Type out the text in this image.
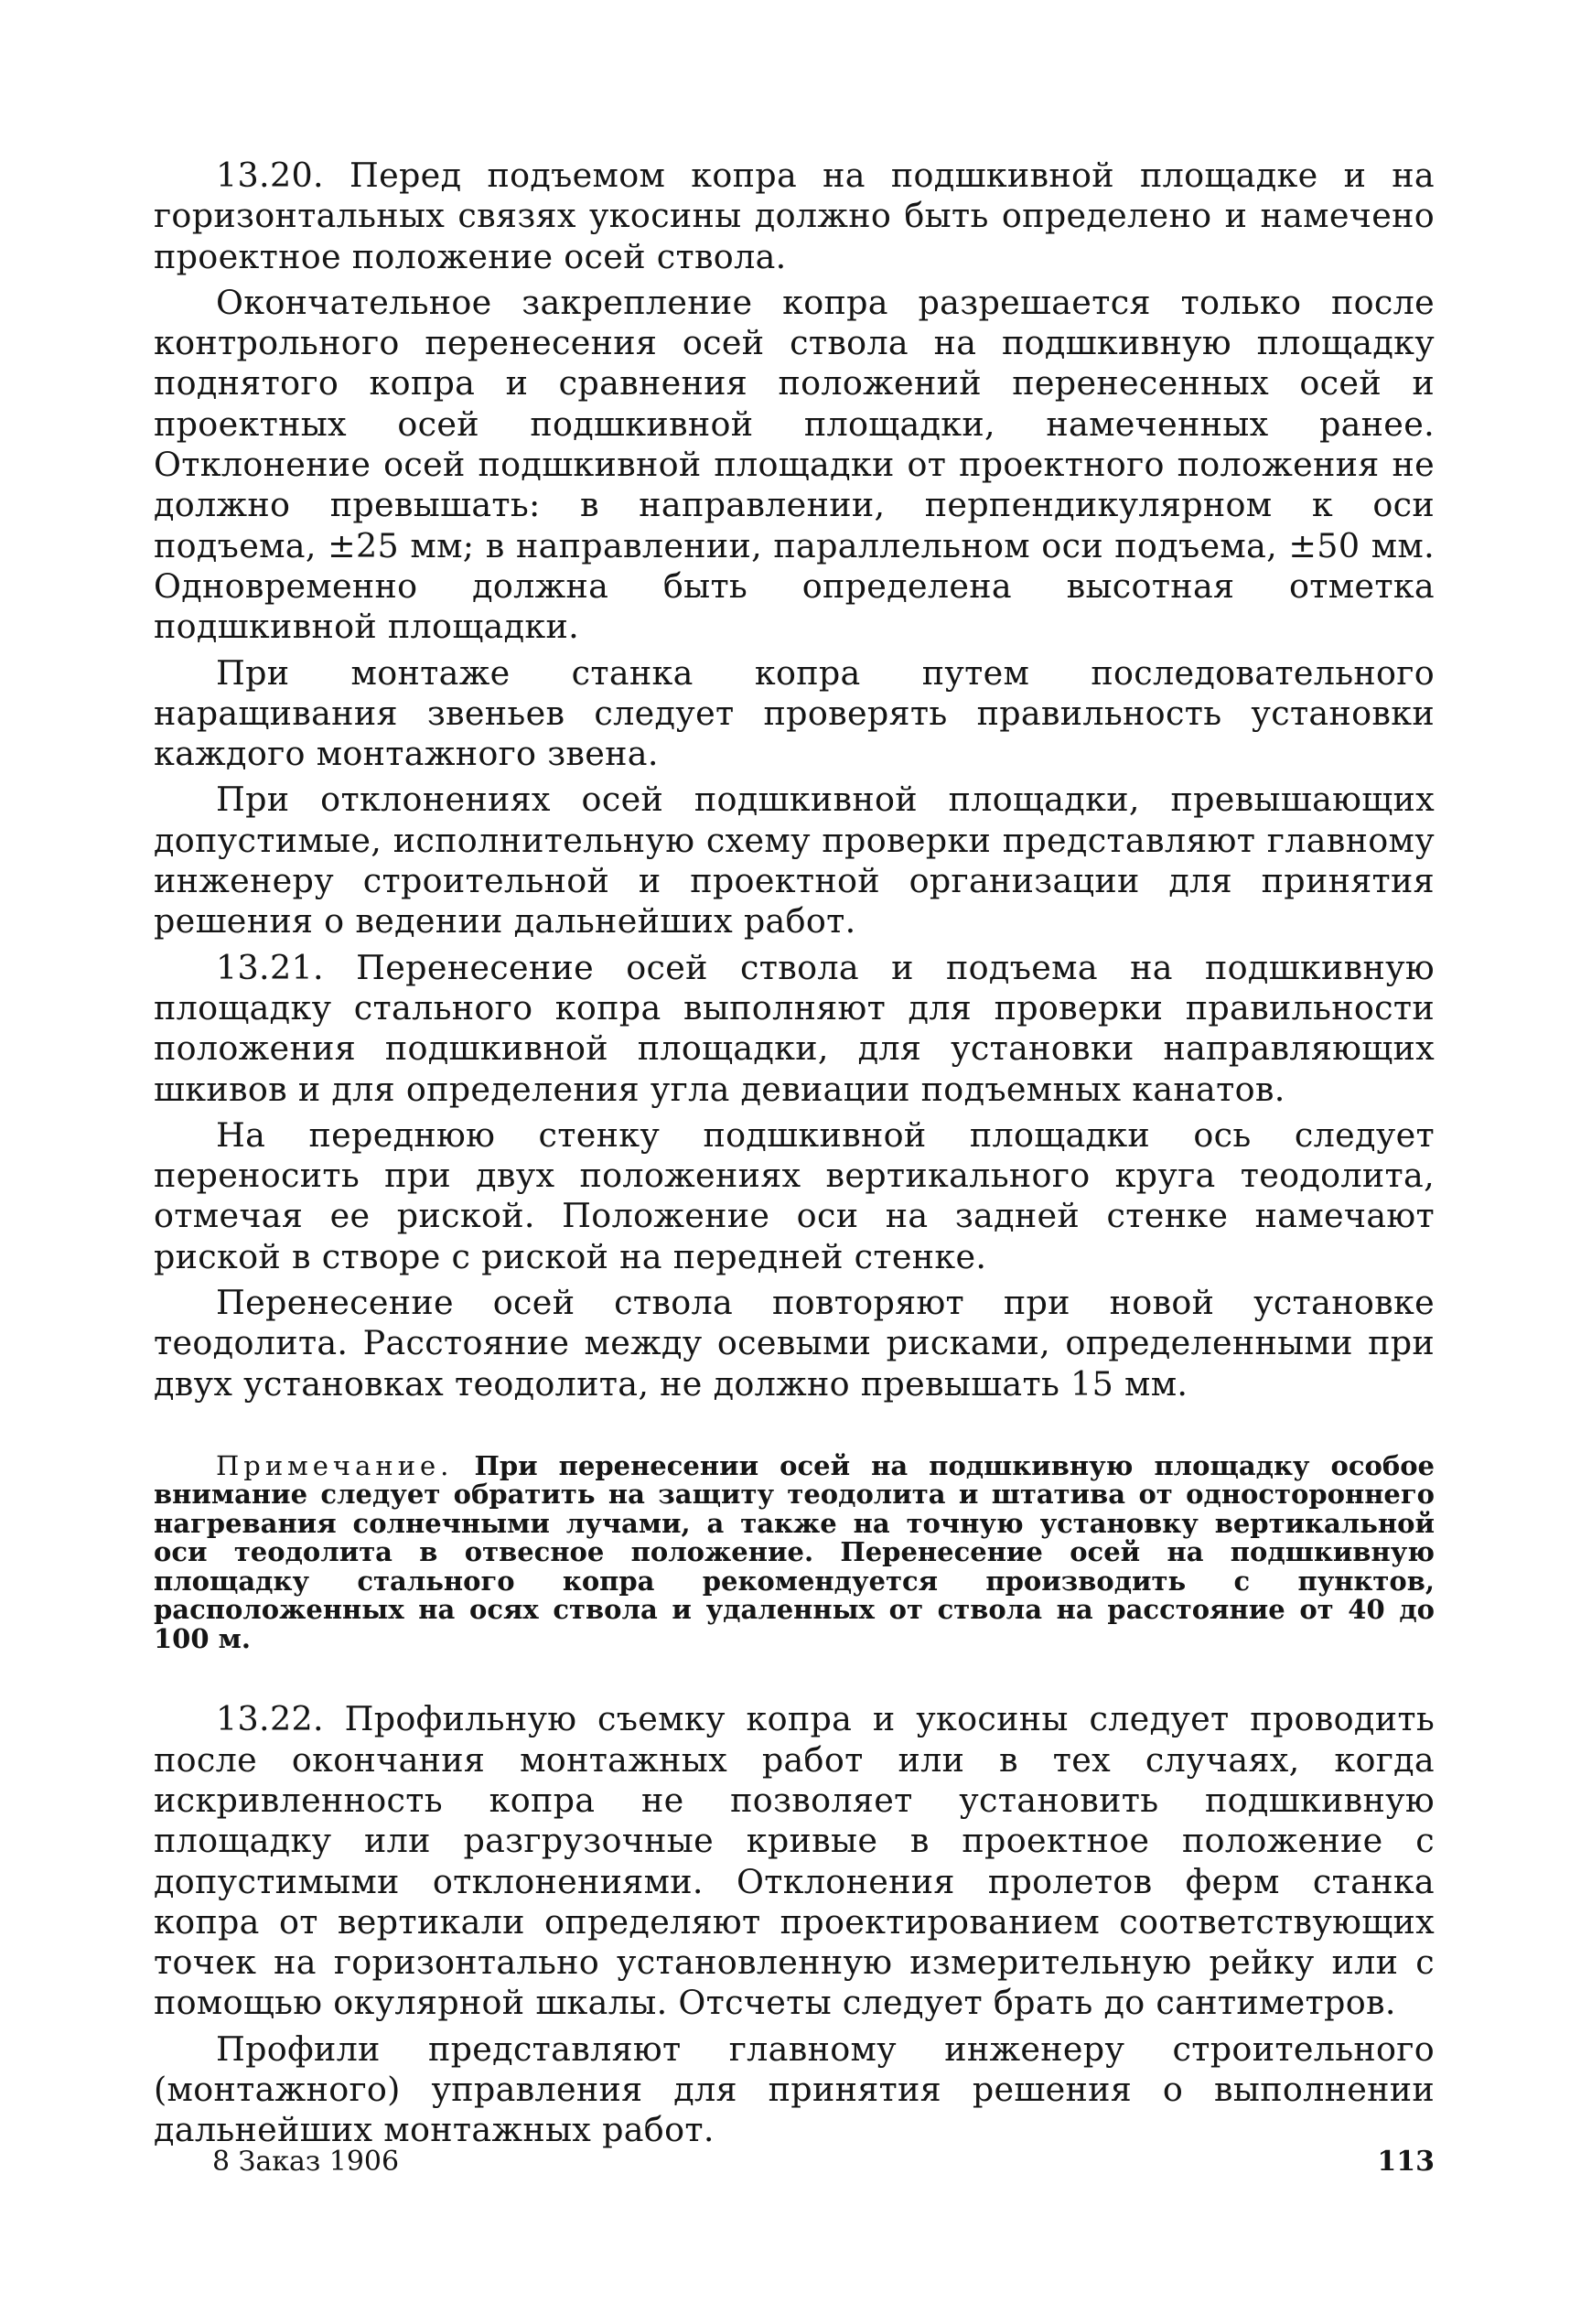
13.20. Перед подъемом копра на подшкивной площадке и на горизонтальных связях укосины должно быть определено и намечено проектное положение осей ствола.

Окончательное закрепление копра разрешается только после контрольного перенесения осей ствола на подшкивную площадку поднятого копра и сравнения положений перенесенных осей и проектных осей подшкивной площадки, намеченных ранее. Отклонение осей подшкивной площадки от проектного положения не должно превышать: в направлении, перпендикулярном к оси подъема, ±25 мм; в направлении, параллельном оси подъема, ±50 мм. Одновременно должна быть определена высотная отметка подшкивной площадки.

При монтаже станка копра путем последовательного наращивания звеньев следует проверять правильность установки каждого монтажного звена.

При отклонениях осей подшкивной площадки, превышающих допустимые, исполнительную схему проверки представляют главному инженеру строительной и проектной организации для принятия решения о ведении дальнейших работ.

13.21. Перенесение осей ствола и подъема на подшкивную площадку стального копра выполняют для проверки правильности положения подшкивной площадки, для установки направляющих шкивов и для определения угла девиации подъемных канатов.

На переднюю стенку подшкивной площадки ось следует переносить при двух положениях вертикального круга теодолита, отмечая ее риской. Положение оси на задней стенке намечают риской в створе с риской на передней стенке.

Перенесение осей ствола повторяют при новой установке теодолита. Расстояние между осевыми рисками, определенными при двух установках теодолита, не должно превышать 15 мм.

Примечание. При перенесении осей на подшкивную площадку особое внимание следует обратить на защиту теодолита и штатива от одностороннего нагревания солнечными лучами, а также на точную установку вертикальной оси теодолита в отвесное положение. Перенесение осей на подшкивную площадку стального копра рекомендуется производить с пунктов, расположенных на осях ствола и удаленных от ствола на расстояние от 40 до 100 м.

13.22. Профильную съемку копра и укосины следует проводить после окончания монтажных работ или в тех случаях, когда искривленность копра не позволяет установить подшкивную площадку или разгрузочные кривые в проектное положение с допустимыми отклонениями. Отклонения пролетов ферм станка копра от вертикали определяют проектированием соответствующих точек на горизонтально установленную измерительную рейку или с помощью окулярной шкалы. Отсчеты следует брать до сантиметров.

Профили представляют главному инженеру строительного (монтажного) управления для принятия решения о выполнении дальнейших монтажных работ.

8 Заказ 1906	113
